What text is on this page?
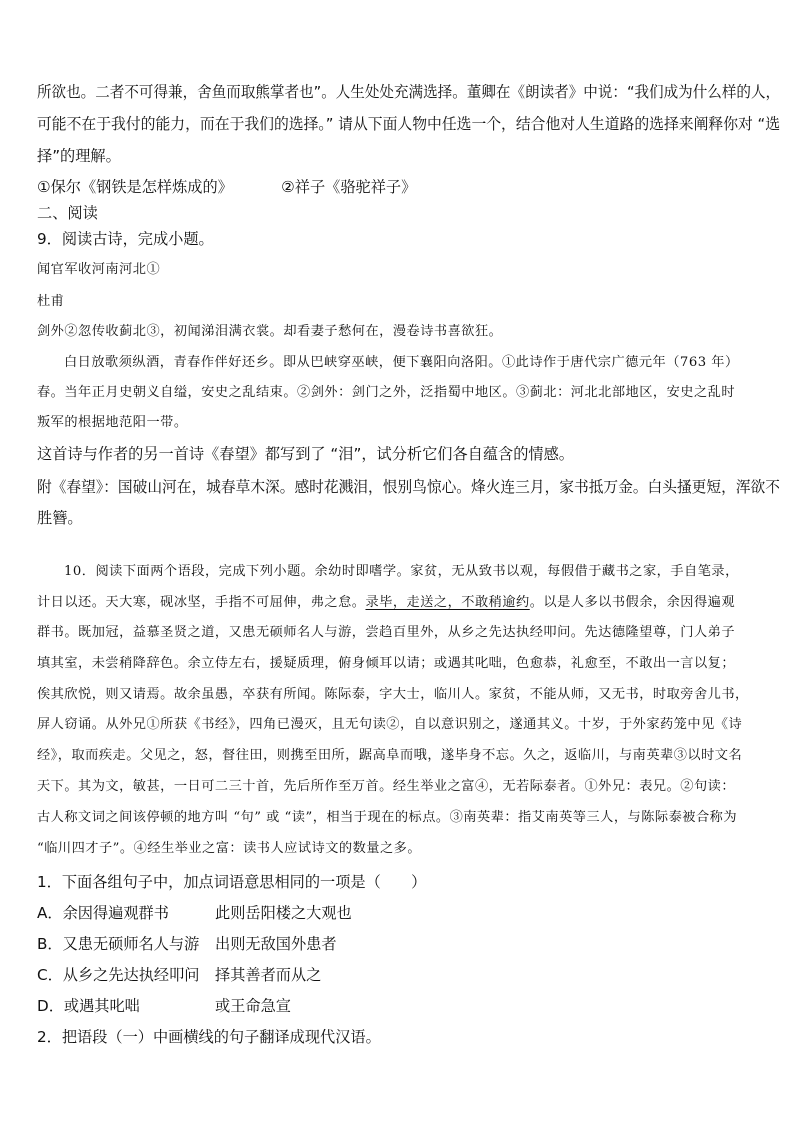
所欲也。二者不可得兼，舍鱼而取熊掌者也”。人生处处充满选择。董卿在《朗读者》中说：“我们成为什么样的人，
可能不在于我付的能力，而在于我们的选择。” 请从下面人物中任选一个，结合他对人生道路的选择来阐释你对 “选
择”的理解。
①保尔《钢铁是怎样炼成的》          ②祥子《骆驼祥子》
二、阅读
9．阅读古诗，完成小题。
闻官军收河南河北①
杜甫
剑外②忽传收蓟北③，初闻涕泪满衣裳。却看妻子愁何在，漫卷诗书喜欲狂。
白日放歌须纵酒，青春作伴好还乡。即从巴峡穿巫峡，便下襄阳向洛阳。①此诗作于唐代宗广德元年（763 年）
春。当年正月史朝义自缢，安史之乱结束。②剑外：剑门之外，泛指蜀中地区。③蓟北：河北北部地区，安史之乱时
叛军的根据地范阳一带。
这首诗与作者的另一首诗《春望》都写到了 “泪”，试分析它们各自蕴含的情感。
附《春望》：国破山河在，城春草木深。感时花溅泪，恨别鸟惊心。烽火连三月，家书抵万金。白头搔更短，浑欲不
胜簪。
10．阅读下面两个语段，完成下列小题。余幼时即嗜学。家贫，无从致书以观，每假借于藏书之家，手自笔录，
计日以还。天大寒，砚冰坚，手指不可屈伸，弗之怠。录毕，走送之，不敢稍逾约。以是人多以书假余，余因得遍观
群书。既加冠，益慕圣贤之道，又患无硕师名人与游，尝趋百里外，从乡之先达执经叩问。先达德隆望尊，门人弟子
填其室，未尝稍降辞色。余立侍左右，援疑质理，俯身倾耳以请；或遇其叱咄，色愈恭，礼愈至，不敢出一言以复；
俟其欣悦，则又请焉。故余虽愚，卒获有所闻。陈际泰，字大士，临川人。家贫，不能从师，又无书，时取旁舍儿书，
屏人窃诵。从外兄①所获《书经》，四角已漫灭，且无句读②，自以意识别之，遂通其义。十岁，于外家药笼中见《诗
经》，取而疾走。父见之，怒，督往田，则携至田所，踞高阜而哦，遂毕身不忘。久之，返临川，与南英辈③以时文名
天下。其为文，敏甚，一日可二三十首，先后所作至万首。经生举业之富④，无若际泰者。①外兄：表兄。②句读：
古人称文词之间该停顿的地方叫 “句” 或 “读”，相当于现在的标点。③南英辈：指艾南英等三人，与陈际泰被合称为
“临川四才子”。④经生举业之富：读书人应试诗文的数量之多。
1．下面各组句子中，加点词语意思相同的一项是（　　）
A．余因得遍观群书	此则岳阳楼之大观也
B．又患无硕师名人与游 出则无敌国外患者
C．从乡之先达执经叩问 择其善者而从之
D．或遇其叱咄	或王命急宣
2．把语段（一）中画横线的句子翻译成现代汉语。
